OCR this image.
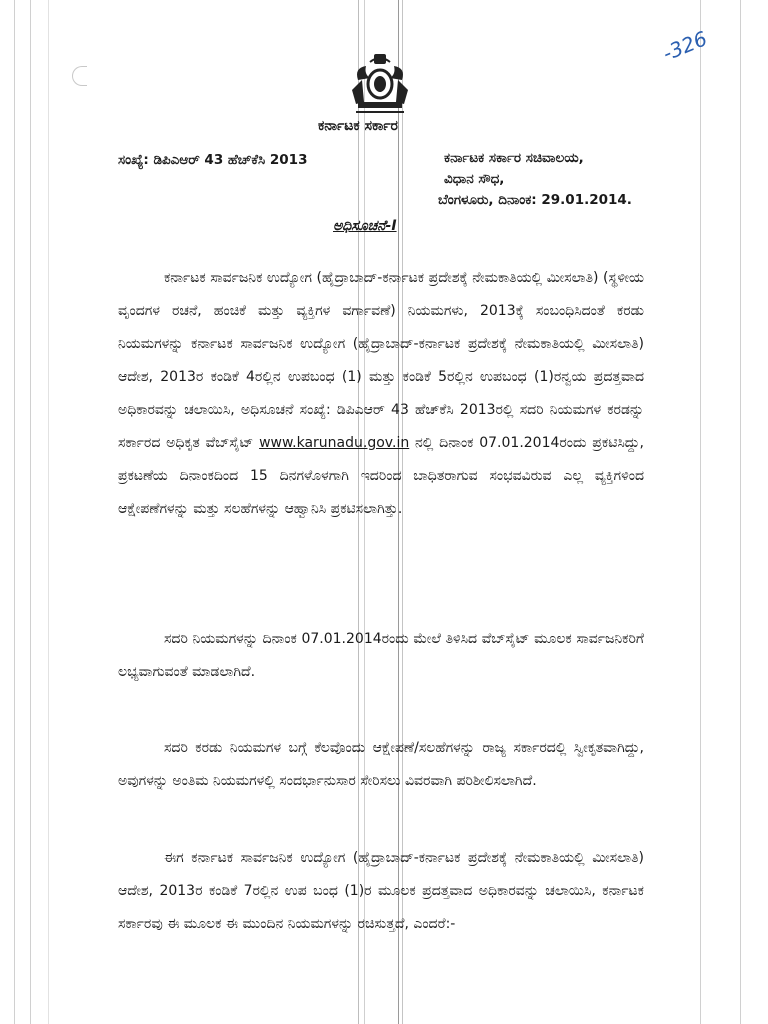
-326
ಕರ್ನಾಟಕ ಸರ್ಕಾರ
ಸಂಖ್ಯೆ: ಡಿಪಿಎಆರ್ 43 ಹೆಚ್‌ಕೆಸಿ 2013	ಕರ್ನಾಟಕ ಸರ್ಕಾರ ಸಚಿವಾಲಯ,
ವಿಧಾನ ಸೌಧ,
ಬೆಂಗಳೂರು, ದಿನಾಂಕ: 29.01.2014.
ಅಧಿಸೂಚನೆ-I
ಕರ್ನಾಟಕ ಸಾರ್ವಜನಿಕ ಉದ್ಯೋಗ (ಹೈದ್ರಾಬಾದ್-ಕರ್ನಾಟಕ ಪ್ರದೇಶಕ್ಕೆ ನೇಮಕಾತಿಯಲ್ಲಿ ಮೀಸಲಾತಿ) (ಸ್ಥಳೀಯ ವೃಂದಗಳ ರಚನೆ, ಹಂಚಿಕೆ ಮತ್ತು ವ್ಯಕ್ತಿಗಳ ವರ್ಗಾವಣೆ) ನಿಯಮಗಳು, 2013ಕ್ಕೆ ಸಂಬಂಧಿಸಿದಂತೆ ಕರಡು ನಿಯಮಗಳನ್ನು ಕರ್ನಾಟಕ ಸಾರ್ವಜನಿಕ ಉದ್ಯೋಗ (ಹೈದ್ರಾಬಾದ್-ಕರ್ನಾಟಕ ಪ್ರದೇಶಕ್ಕೆ ನೇಮಕಾತಿಯಲ್ಲಿ ಮೀಸಲಾತಿ) ಆದೇಶ, 2013ರ ಕಂಡಿಕೆ 4ರಲ್ಲಿನ ಉಪಬಂಧ (1) ಮತ್ತು ಕಂಡಿಕೆ 5ರಲ್ಲಿನ ಉಪಬಂಧ (1)ರನ್ವಯ ಪ್ರದತ್ತವಾದ ಅಧಿಕಾರವನ್ನು ಚಲಾಯಿಸಿ, ಅಧಿಸೂಚನೆ ಸಂಖ್ಯೆ: ಡಿಪಿಎಆರ್ 43 ಹೆಚ್‌ಕೆಸಿ 2013ರಲ್ಲಿ ಸದರಿ ನಿಯಮಗಳ ಕರಡನ್ನು ಸರ್ಕಾರದ ಅಧಿಕೃತ ವೆಬ್‌ಸೈಟ್ www.karunadu.gov.in ನಲ್ಲಿ ದಿನಾಂಕ 07.01.2014ರಂದು ಪ್ರಕಟಿಸಿದ್ದು, ಪ್ರಕಟಣೆಯ ದಿನಾಂಕದಿಂದ 15 ದಿನಗಳೊಳಗಾಗಿ ಇದರಿಂದ ಬಾಧಿತರಾಗುವ ಸಂಭವವಿರುವ ಎಲ್ಲ ವ್ಯಕ್ತಿಗಳಿಂದ ಆಕ್ಷೇಪಣೆಗಳನ್ನು ಮತ್ತು ಸಲಹೆಗಳನ್ನು ಆಹ್ವಾನಿಸಿ ಪ್ರಕಟಿಸಲಾಗಿತ್ತು.
ಸದರಿ ನಿಯಮಗಳನ್ನು ದಿನಾಂಕ 07.01.2014ರಂದು ಮೇಲೆ ತಿಳಿಸಿದ ವೆಬ್‌ಸೈಟ್ ಮೂಲಕ ಸಾರ್ವಜನಿಕರಿಗೆ ಲಭ್ಯವಾಗುವಂತೆ ಮಾಡಲಾಗಿದೆ.
ಸದರಿ ಕರಡು ನಿಯಮಗಳ ಬಗ್ಗೆ ಕೆಲವೊಂದು ಆಕ್ಷೇಪಣೆ/ಸಲಹೆಗಳನ್ನು ರಾಜ್ಯ ಸರ್ಕಾರದಲ್ಲಿ ಸ್ವೀಕೃತವಾಗಿದ್ದು, ಅವುಗಳನ್ನು ಅಂತಿಮ ನಿಯಮಗಳಲ್ಲಿ ಸಂದರ್ಭಾನುಸಾರ ಸೇರಿಸಲು ವಿವರವಾಗಿ ಪರಿಶೀಲಿಸಲಾಗಿದೆ.
ಈಗ ಕರ್ನಾಟಕ ಸಾರ್ವಜನಿಕ ಉದ್ಯೋಗ (ಹೈದ್ರಾಬಾದ್-ಕರ್ನಾಟಕ ಪ್ರದೇಶಕ್ಕೆ ನೇಮಕಾತಿಯಲ್ಲಿ ಮೀಸಲಾತಿ) ಆದೇಶ, 2013ರ ಕಂಡಿಕೆ 7ರಲ್ಲಿನ ಉಪ ಬಂಧ (1)ರ ಮೂಲಕ ಪ್ರದತ್ತವಾದ ಅಧಿಕಾರವನ್ನು ಚಲಾಯಿಸಿ, ಕರ್ನಾಟಕ ಸರ್ಕಾರವು ಈ ಮೂಲಕ ಈ ಮುಂದಿನ ನಿಯಮಗಳನ್ನು ರಚಿಸುತ್ತದೆ, ಎಂದರೆ:-
